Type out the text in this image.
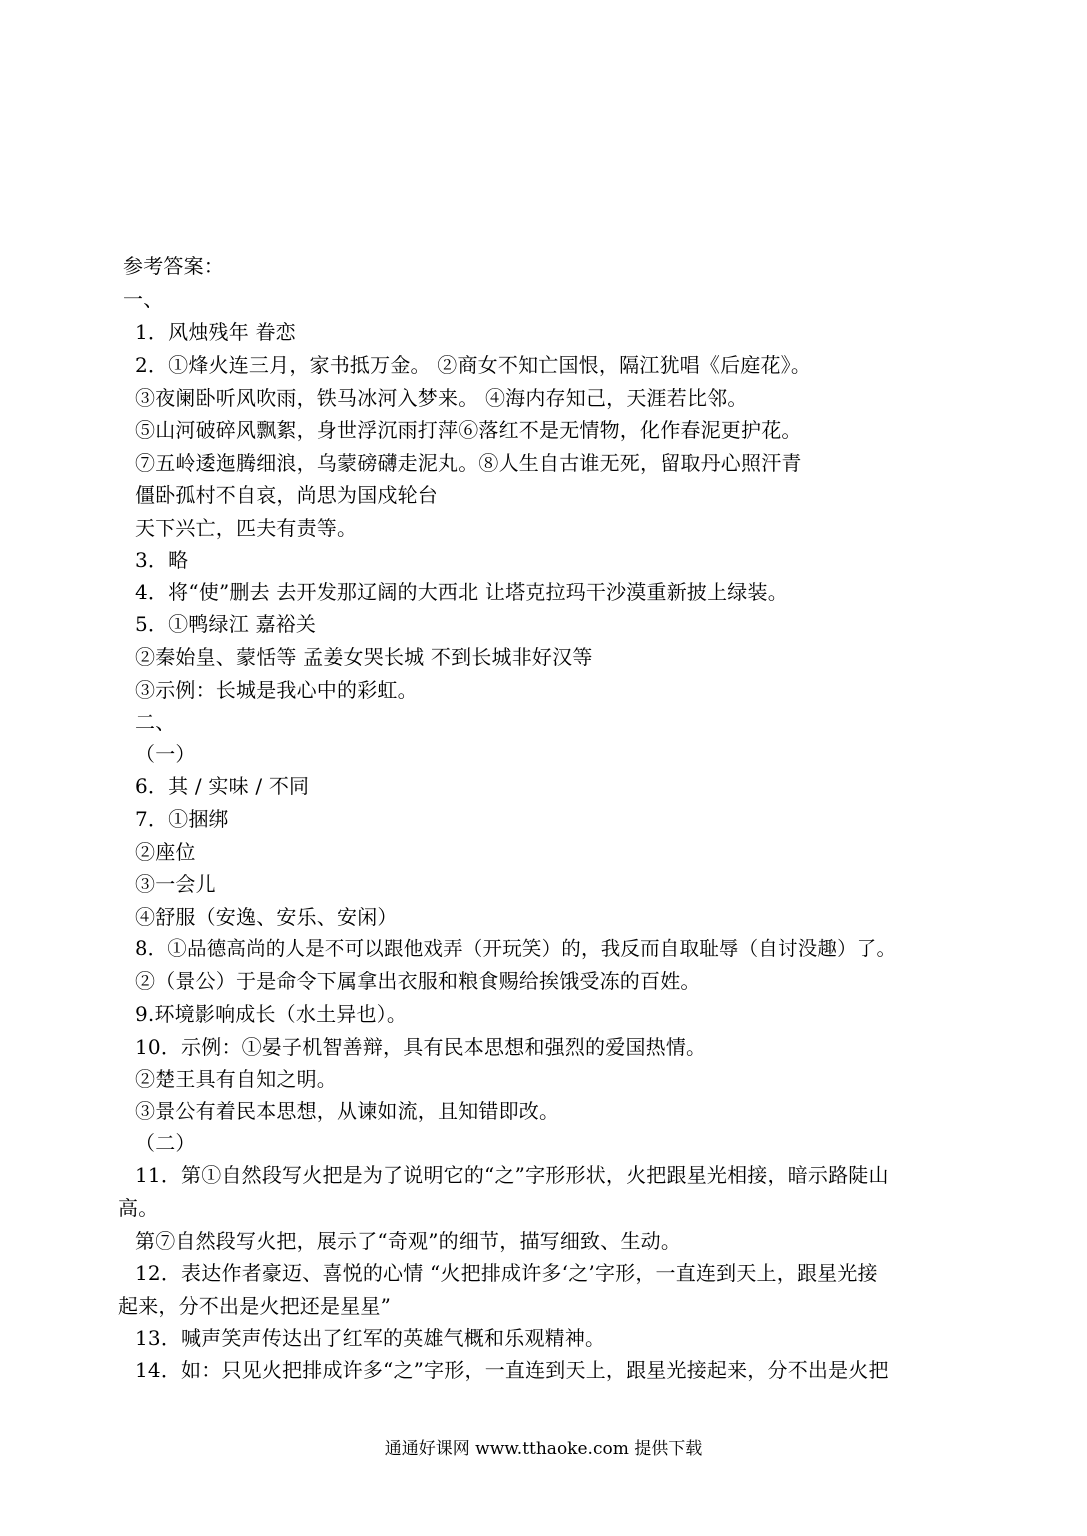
参考答案：
一、
1．风烛残年 眷恋
2．①烽火连三月，家书抵万金。 ②商女不知亡国恨，隔江犹唱《后庭花》。
③夜阑卧听风吹雨，铁马冰河入梦来。 ④海内存知己，天涯若比邻。
⑤山河破碎风飘絮，身世浮沉雨打萍⑥落红不是无情物，化作春泥更护花。
⑦五岭逶迤腾细浪，乌蒙磅礴走泥丸。⑧人生自古谁无死，留取丹心照汗青
僵卧孤村不自哀，尚思为国戍轮台
天下兴亡，匹夫有责等。
3．略
4．将“使”删去 去开发那辽阔的大西北 让塔克拉玛干沙漠重新披上绿装。
5．①鸭绿江 嘉裕关
②秦始皇、蒙恬等 孟姜女哭长城 不到长城非好汉等
③示例：长城是我心中的彩虹。
二、
（一）
6．其 / 实味 / 不同
7．①捆绑
②座位
③一会儿
④舒服（安逸、安乐、安闲）
8．①品德高尚的人是不可以跟他戏弄（开玩笑）的，我反而自取耻辱（自讨没趣）了。
②（景公）于是命令下属拿出衣服和粮食赐给挨饿受冻的百姓。
9.环境影响成长（水土异也）。
10．示例：①晏子机智善辩，具有民本思想和强烈的爱国热情。
②楚王具有自知之明。
③景公有着民本思想，从谏如流，且知错即改。
（二）
11．第①自然段写火把是为了说明它的“之”字形形状，火把跟星光相接，暗示路陡山
高。
第⑦自然段写火把，展示了“奇观”的细节，描写细致、生动。
12．表达作者豪迈、喜悦的心情 “火把排成许多‘之’字形，一直连到天上，跟星光接
起来，分不出是火把还是星星”
13．喊声笑声传达出了红军的英雄气概和乐观精神。
14．如：只见火把排成许多“之”字形，一直连到天上，跟星光接起来，分不出是火把
通通好课网 www.tthaoke.com 提供下载
